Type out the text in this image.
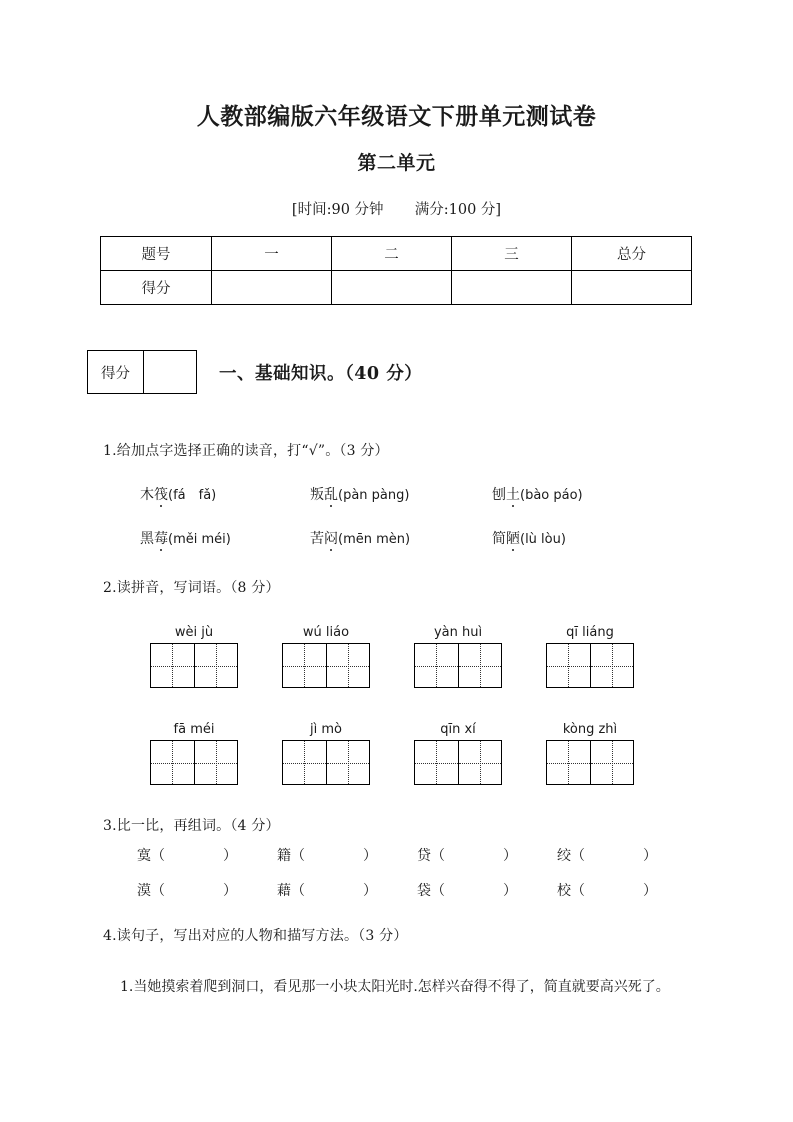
人教部编版六年级语文下册单元测试卷
第二单元
[时间:90 分钟 满分:100 分]
题号	一	二	三	总分
得分				
得分	一、基础知识。（40 分）
1.给加点字选择正确的读音，打“√”。（3 分）
木筏(fá fǎ)	叛乱(pàn pàng)	刨土(bào páo)
黑莓(měi méi)	苦闷(mēn mèn)	简陋(lù lòu)
2.读拼音，写词语。（8 分）
wèi jù	wú liáo	yàn huì	qī liáng
fā méi	jì mò	qīn xí	kòng zhì
3.比一比，再组词。（4 分）
寞（	）	籍（	）	贷（	）	绞（	）
漠（	）	藉（	）	袋（	）	校（	）
4.读句子，写出对应的人物和描写方法。（3 分）
1.当她摸索着爬到洞口，看见那一小块太阳光时.怎样兴奋得不得了，简直就要高兴死了。
